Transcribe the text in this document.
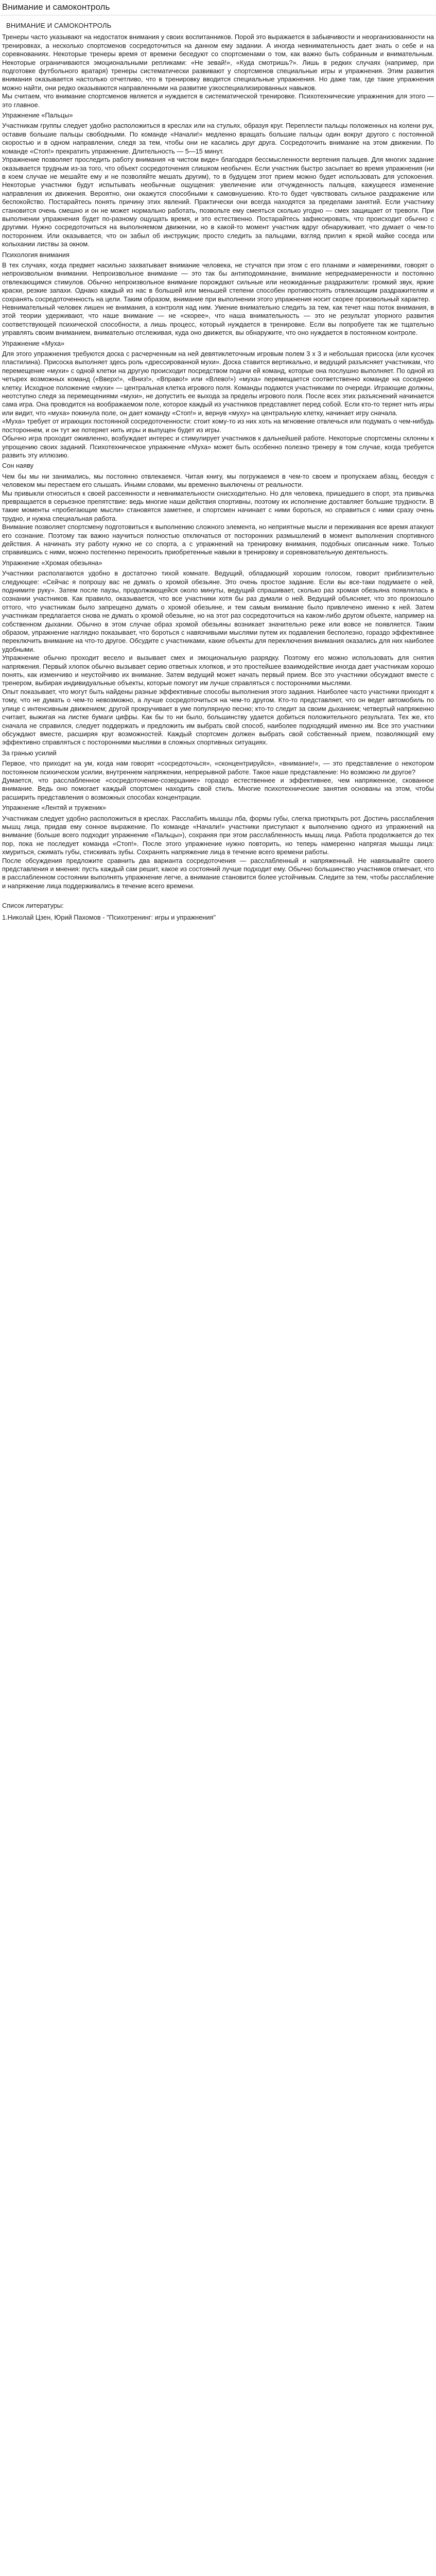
Внимание и самоконтроль
ВНИМАНИЕ И САМОКОНТРОЛЬ

Тренеры часто указывают на недостаток внимания у своих воспитанников. Порой это выражается в забывчивости и неорганизованности на тренировках, а несколько спортсменов сосредоточиться на данном ему задании. А иногда невнимательность дает знать о себе и на соревнованиях. Некоторые тренеры время от времени беседуют со спортсменами о том, как важно быть собранным и внимательным. Некоторые ограничиваются эмоциональными репликами: «Не зевай!», «Куда смотришь?». Лишь в редких случаях (например, при подготовке футбольного вратаря) тренеры систематически развивают у спортсменов специальные игры и упражнения. Этим развития внимания оказывается настолько отчетливо, что в тренировку вводится специальные упражнения. Но даже там, где такие упражнения можно найти, они редко оказываются направленными на развитие узкоспециализированных навыков.

Мы считаем, что внимание спортсменов является и нуждается в систематической тренировке. Психотехнические упражнения для этого — это главное.

Упражнение «Пальцы»

Участникам группы следует удобно расположиться в креслах или на стульях, образуя круг. Переплести пальцы положенных на колени рук, оставив большие пальцы свободными. По команде «Начали!» медленно вращать большие пальцы один вокруг другого с постоянной скоростью и в одном направлении, следя за тем, чтобы они не касались друг друга. Сосредоточить внимание на этом движении. По команде «Стоп!» прекратить упражнение. Длительность — 5—15 минут.

Упражнение позволяет проследить работу внимания «в чистом виде» благодаря бессмысленности вертения пальцев. Для многих задание оказывается трудным из-за того, что объект сосредоточения слишком необычен. Если участник быстро засыпает во время упражнения (ни в коем случае не мешайте ему и не позволяйте мешать другим), то в будущем этот прием можно будет использовать для успокоения. Некоторые участники будут испытывать необычные ощущения: увеличение или отчужденность пальцев, кажущееся изменение направления их движения. Вероятно, они окажутся способными к самовнушению. Кто-то будет чувствовать сильное раздражение или беспокойство. Постарайтесь понять причину этих явлений. Практически они всегда находятся за пределами занятий. Если участнику становится очень смешно и он не может нормально работать, позвольте ему смеяться сколько угодно — смех защищает от тревоги. При выполнении упражнения будет по-разному ощущать время, и это естественно. Постарайтесь зафиксировать, что происходит обычно с другими. Нужно сосредоточиться на выполняемом движении, но в какой-то момент участник вдруг обнаруживает, что думает о чем-то постороннем. Или оказывается, что он забыл об инструкции; просто следить за пальцами, взгляд прилип к яркой майке соседа или колыхании листвы за окном.

Психология внимания

В тех случаях, когда предмет насильно захватывает внимание человека, не стучатся при этом с его планами и намерениями, говорят о непроизвольном внимании. Непроизвольное внимание — это так бы антиподоминание, внимание непреднамеренности и постоянно отвлекающимся стимулов. Обычно непроизвольное внимание порождают сильные или неожиданные раздражители: громкий звук, яркие краски, резкие запахи. Однако каждый из нас в большей или меньшей степени способен противостоять отвлекающим раздражителям и сохранять сосредоточенность на цели. Таким образом, внимание при выполнении этого упражнения носит скорее произвольный характер.

Невнимательный человек лишен не внимания, а контроля над ним. Умение внимательно следить за тем, как течет наш поток внимания, в этой теории удерживают, что наше внимание — не «скорее», что наша внимательность — это не результат упорного развития соответствующей психической способности, а лишь процесс, который нуждается в тренировке. Если вы попробуете так же тщательно управлять своим вниманием, внимательно отслеживая, куда оно движется, вы обнаружите, что оно нуждается в постоянном контроле.

Упражнение «Муха»

Для этого упражнения требуются доска с расчерченным на ней девятиклеточным игровым полем 3 х 3 и небольшая присоска (или кусочек пластилина). Присоска выполняет здесь роль «дрессированной мухи». Доска ставится вертикально, и ведущий разъясняет участникам, что перемещение «мухи» с одной клетки на другую происходит посредством подачи ей команд, которые она послушно выполняет. По одной из четырех возможных команд («Вверх!», «Вниз!», «Вправо!» или «Влево!») «муха» перемещается соответственно команде на соседнюю клетку. Исходное положение «мухи» — центральная клетка игрового поля. Команды подаются участниками по очереди. Играющие должны, неотступно следя за перемещениями «мухи», не допустить ее выхода за пределы игрового поля. После всех этих разъяснений начинается сама игра. Она проводится на воображаемом поле, которое каждый из участников представляет перед собой. Если кто-то теряет нить игры или видит, что «муха» покинула поле, он дает команду «Стоп!» и, вернув «муху» на центральную клетку, начинает игру сначала.

«Муха» требует от играющих постоянной сосредоточенности: стоит кому-то из них хоть на мгновение отвлечься или подумать о чем-нибудь постороннем, и он тут же потеряет нить игры и выпущен будет из игры.

Обычно игра проходит оживленно, возбуждает интерес и стимулирует участников к дальнейшей работе. Некоторые спортсмены склонны к упрощению своих заданий. Психотехническое упражнение «Муха» может быть особенно полезно тренеру в том случае, когда требуется развить эту иллюзию.

Сон наяву

Чем бы мы ни занимались, мы постоянно отвлекаемся. Читая книгу, мы погружаемся в чем-то своем и пропускаем абзац, беседуя с человеком мы перестаем его слышать. Иными словами, мы временно выключены от реальности.

Мы привыкли относиться к своей рассеянности и невнимательности снисходительно. Но для человека, пришедшего в спорт, эта привычка превращается в серьезное препятствие: ведь многие наши действия спортивны, поэтому их исполнение доставляет большие трудности. В такие моменты «пробегающие мысли» становятся заметнее, и спортсмен начинает с ними бороться, но справиться с ними сразу очень трудно, и нужна специальная работа.

Внимание позволяет спортсмену подготовиться к выполнению сложного элемента, но неприятные мысли и переживания все время атакуют его сознание. Поэтому так важно научиться полностью отключаться от посторонних размышлений в момент выполнения спортивного действия. А начинать эту работу нужно не со спорта, а с упражнений на тренировку внимания, подобных описанным ниже. Только справившись с ними, можно постепенно переносить приобретенные навыки в тренировку и соревновательную деятельность.

Упражнение «Хромая обезьяна»

Участники располагаются удобно в достаточно тихой комнате. Ведущий, обладающий хорошим голосом, говорит приблизительно следующее: «Сейчас я попрошу вас не думать о хромой обезьяне. Это очень простое задание. Если вы все-таки подумаете о ней, поднимите руку». Затем после паузы, продолжающейся около минуты, ведущий спрашивает, сколько раз хромая обезьяна появлялась в сознании участников. Как правило, оказывается, что все участники хотя бы раз думали о ней. Ведущий объясняет, что это произошло оттого, что участникам было запрещено думать о хромой обезьяне, и тем самым внимание было привлечено именно к ней. Затем участникам предлагается снова не думать о хромой обезьяне, но на этот раз сосредоточиться на каком-либо другом объекте, например на собственном дыхании. Обычно в этом случае образ хромой обезьяны возникает значительно реже или вовсе не появляется. Таким образом, упражнение наглядно показывает, что бороться с навязчивыми мыслями путем их подавления бесполезно, гораздо эффективнее переключить внимание на что-то другое. Обсудите с участниками, какие объекты для переключения внимания оказались для них наиболее удобными.

Упражнение обычно проходит весело и вызывает смех и эмоциональную разрядку. Поэтому его можно использовать для снятия напряжения. Первый хлопок обычно вызывает серию ответных хлопков, и это простейшее взаимодействие иногда дает участникам хорошо понять, как изменчиво и неустойчиво их внимание. Затем ведущий может начать первый прием. Все это участники обсуждают вместе с тренером, выбирая индивидуальные объекты, которые помогут им лучше справляться с посторонними мыслями.

Опыт показывает, что могут быть найдены разные эффективные способы выполнения этого задания. Наиболее часто участники приходят к тому, что не думать о чем-то невозможно, а лучше сосредоточиться на чем-то другом. Кто-то представляет, что он ведет автомобиль по улице с интенсивным движением; другой прокручивает в уме популярную песню; кто-то следит за своим дыханием; четвертый напряженно считает, выжигая на листке бумаги цифры. Как бы то ни было, большинству удается добиться положительного результата. Тех же, кто сначала не справился, следует поддержать и предложить им выбрать свой способ, наиболее подходящий именно им. Все это участники обсуждают вместе, расширяя круг возможностей. Каждый спортсмен должен выбрать свой собственный прием, позволяющий ему эффективно справляться с посторонними мыслями в сложных спортивных ситуациях.

За гранью усилий

Первое, что приходит на ум, когда нам говорят «сосредоточься», «сконцентрируйся», «внимание!», — это представление о некотором постоянном психическом усилии, внутреннем напряжении, непрерывной работе. Такое наше представление: Но возможно ли другое?

Думается, что расслабленное «сосредоточение-созерцание» гораздо естественнее и эффективнее, чем напряженное, скованное внимание. Ведь оно помогает каждый спортсмен находить свой стиль. Многие психотехнические занятия основаны на этом, чтобы расширить представления о возможных способах концентрации.

Упражнение «Лентяй и труженик»

Участникам следует удобно расположиться в креслах. Расслабить мышцы лба, формы губы, слегка приоткрыть рот. Достичь расслабления мышц лица, придав ему сонное выражение. По команде «Начали!» участники приступают к выполнению одного из упражнений на внимание (больше всего подходит упражнение «Пальцы»), сохраняя при этом расслабленность мышц лица. Работа продолжается до тех пор, пока не последует команда «Стоп!». После этого упражнение нужно повторить, но теперь намеренно напрягая мышцы лица: хмуриться, сжимать губы, стискивать зубы. Сохранять напряжение лица в течение всего времени работы.

После обсуждения предложите сравнить два варианта сосредоточения — расслабленный и напряженный. Не навязывайте своего представления и мнения: пусть каждый сам решит, какое из состояний лучше подходит ему. Обычно большинство участников отмечает, что в расслабленном состоянии выполнять упражнение легче, а внимание становится более устойчивым. Следите за тем, чтобы расслабление и напряжение лица поддерживались в течение всего времени.

Список литературы:

1.Николай Цзен, Юрий Пахомов - "Психотренинг: игры и упражнения"
